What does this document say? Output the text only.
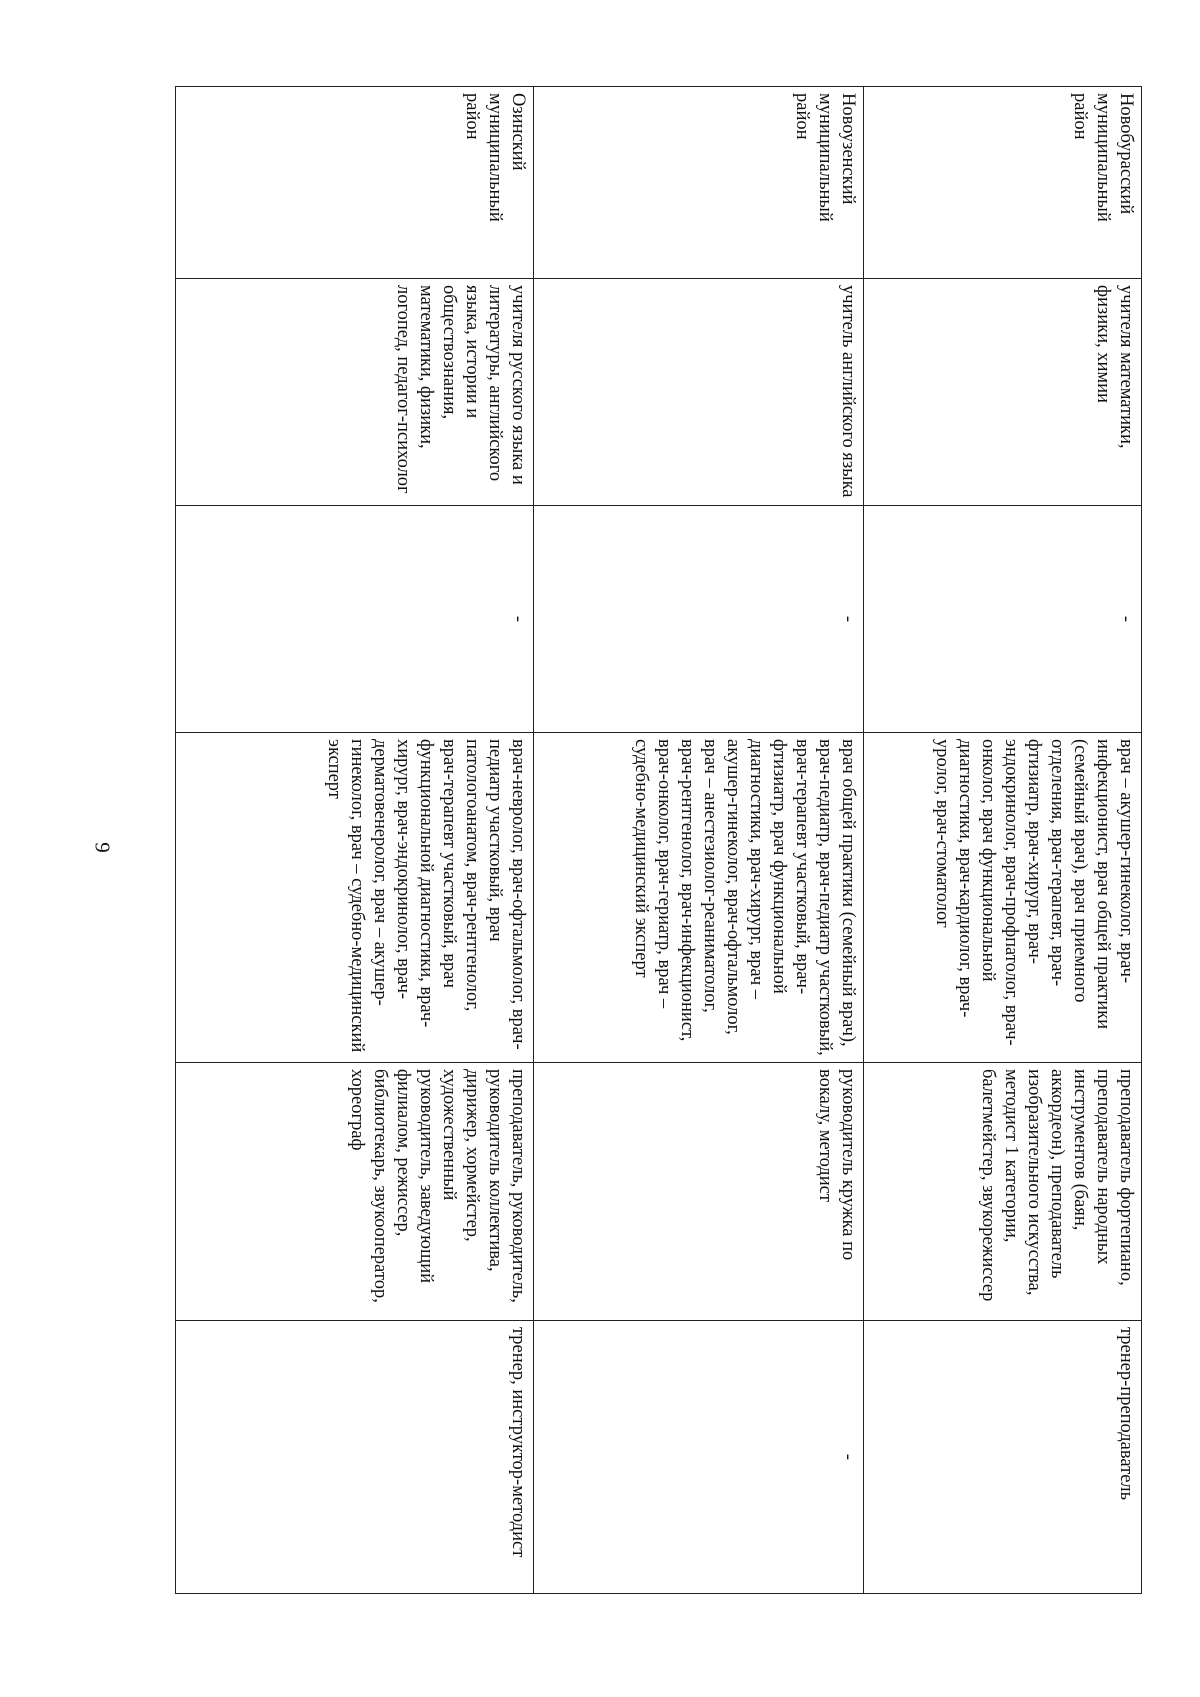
9
Новобурасский муниципальный район	учителя математики, физики, химии	-	врач – акушер-гинеколог, врач-инфекционист, врач общей практики (семейный врач), врач приемного отделения, врач-терапевт, врач-фтизиатр, врач-хирург, врач-эндокринолог, врач-профпатолог, врач-онколог, врач функциональной диагностики, врач-кардиолог, врач-уролог, врач-стоматолог	преподаватель фортепиано, преподаватель народных инструментов (баян, аккордеон), преподаватель изобразительного искусства, методист 1 категории, балетмейстер, звукорежиссер	тренер-преподаватель
Новоузенский муниципальный район	учитель английского языка	-	врач общей практики (семейный врач), врач-педиатр, врач-педиатр участковый, врач-терапевт участковый, врач-фтизиатр, врач функциональной диагностики, врач-хирург, врач – акушер-гинеколог, врач-офтальмолог, врач – анестезиолог-реаниматолог, врач-рентгенолог, врач-инфекционист, врач-онколог, врач-гериатр, врач – судебно-медицинский эксперт	руководитель кружка по вокалу, методист	-
Озинский муниципальный район	учителя русского языка и литературы, английского языка, истории и обществознания, математики, физики, логопед, педагог-психолог	-	врач-невролог, врач-офтальмолог, врач-педиатр участковый, врач патологоанатом, врач-рентгенолог, врач-терапевт участковый, врач функциональной диагностики, врач-хирург, врач-эндокринолог, врач-дерматовенеролог, врач – акушер-гинеколог, врач – судебно-медицинский эксперт	преподаватель, руководитель, руководитель коллектива, дирижер, хормейстер, художественный руководитель, заведующий филиалом, режиссер, библиотекарь, звукооператор, хореограф	тренер, инструктор-методист
